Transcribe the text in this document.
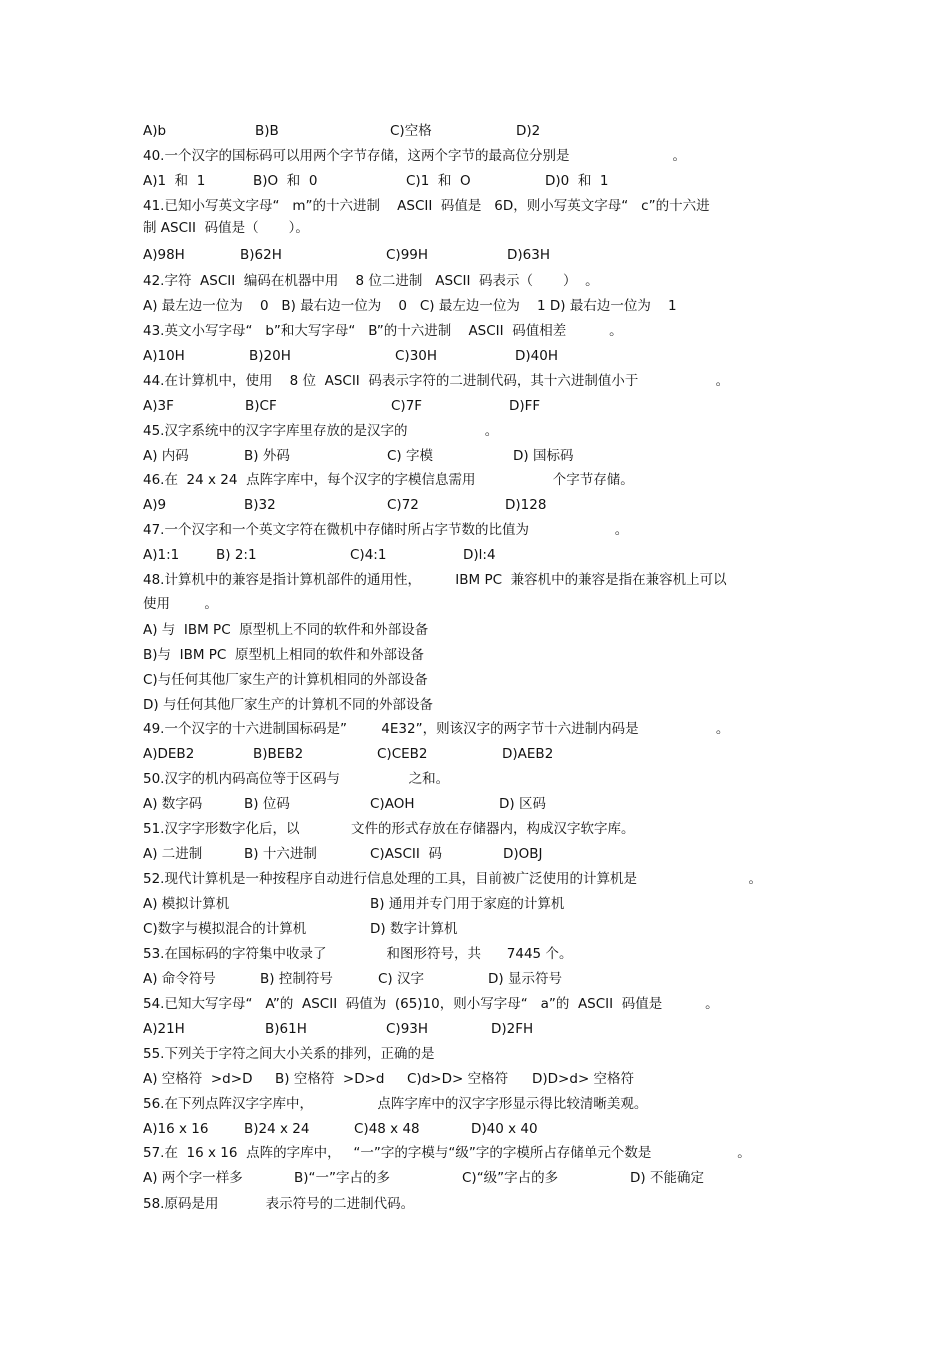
A)b	B)B	C)空格	D)2
40.一个汉字的国标码可以用两个字节存储，这两个字节的最高位分别是                        。
A)1  和  1	B)O  和  0	C)1  和  O	D)0  和  1
41.已知小写英文字母“   m”的十六进制    ASCII  码值是   6D，则小写英文字母“   c”的十六进
制 ASCII  码值是（       ）。
A)98H	B)62H	C)99H	D)63H
42.字符  ASCII  编码在机器中用    8 位二进制   ASCII  码表示（       ）  。
A) 最左边一位为    0   B) 最右边一位为    0   C) 最左边一位为    1 D) 最右边一位为    1
43.英文小写字母“   b”和大写字母“   B”的十六进制    ASCII  码值相差          。
A)10H	B)20H	C)30H	D)40H
44.在计算机中，使用    8 位  ASCII  码表示字符的二进制代码，其十六进制值小于                  。
A)3F	B)CF	C)7F	D)FF
45.汉字系统中的汉字字库里存放的是汉字的                  。
A) 内码	B) 外码	C) 字模	D) 国标码
46.在  24 x 24  点阵字库中，每个汉字的字模信息需用                  个字节存储。
A)9	B)32	C)72	D)128
47.一个汉字和一个英文字符在微机中存储时所占字节数的比值为                    。
A)1:1	B) 2:1	C)4:1	D)l:4
48.计算机中的兼容是指计算机部件的通用性，        IBM PC  兼容机中的兼容是指在兼容机上可以
使用        。
A) 与  IBM PC  原型机上不同的软件和外部设备
B)与  IBM PC  原型机上相同的软件和外部设备
C)与任何其他厂家生产的计算机相同的外部设备
D) 与任何其他厂家生产的计算机不同的外部设备
49.一个汉字的十六进制国标码是”        4E32”，则该汉字的两字节十六进制内码是                  。
A)DEB2	B)BEB2	C)CEB2	D)AEB2
50.汉字的机内码高位等于区码与                之和。
A) 数字码	B) 位码	C)AOH	D) 区码
51.汉字字形数字化后，以            文件的形式存放在存储器内，构成汉字软字库。
A) 二进制	B) 十六进制	C)ASCII  码	D)OBJ
52.现代计算机是一种按程序自动进行信息处理的工具，目前被广泛使用的计算机是                          。
A) 模拟计算机	B) 通用并专门用于家庭的计算机
C)数字与模拟混合的计算机	D) 数字计算机
53.在国标码的字符集中收录了              和图形符号，共      7445 个。
A) 命令符号	B) 控制符号	C) 汉字	D) 显示符号
54.已知大写字母“   A”的  ASCII  码值为  (65)10，则小写字母“   a”的  ASCII  码值是          。
A)21H	B)61H	C)93H	D)2FH
55.下列关于字符之间大小关系的排列，正确的是
A) 空格符  >d>D B) 空格符  >D>d C)d>D> 空格符 D)D>d> 空格符
56.在下列点阵汉字字库中，               点阵字库中的汉字字形显示得比较清晰美观。
A)16 x 16	B)24 x 24	C)48 x 48	D)40 x 40
57.在  16 x 16  点阵的字库中，   “一”字的字模与“级”字的字模所占存储单元个数是                    。
A) 两个字一样多	B)“一”字占的多	C)“级”字占的多	D) 不能确定
58.原码是用           表示符号的二进制代码。
